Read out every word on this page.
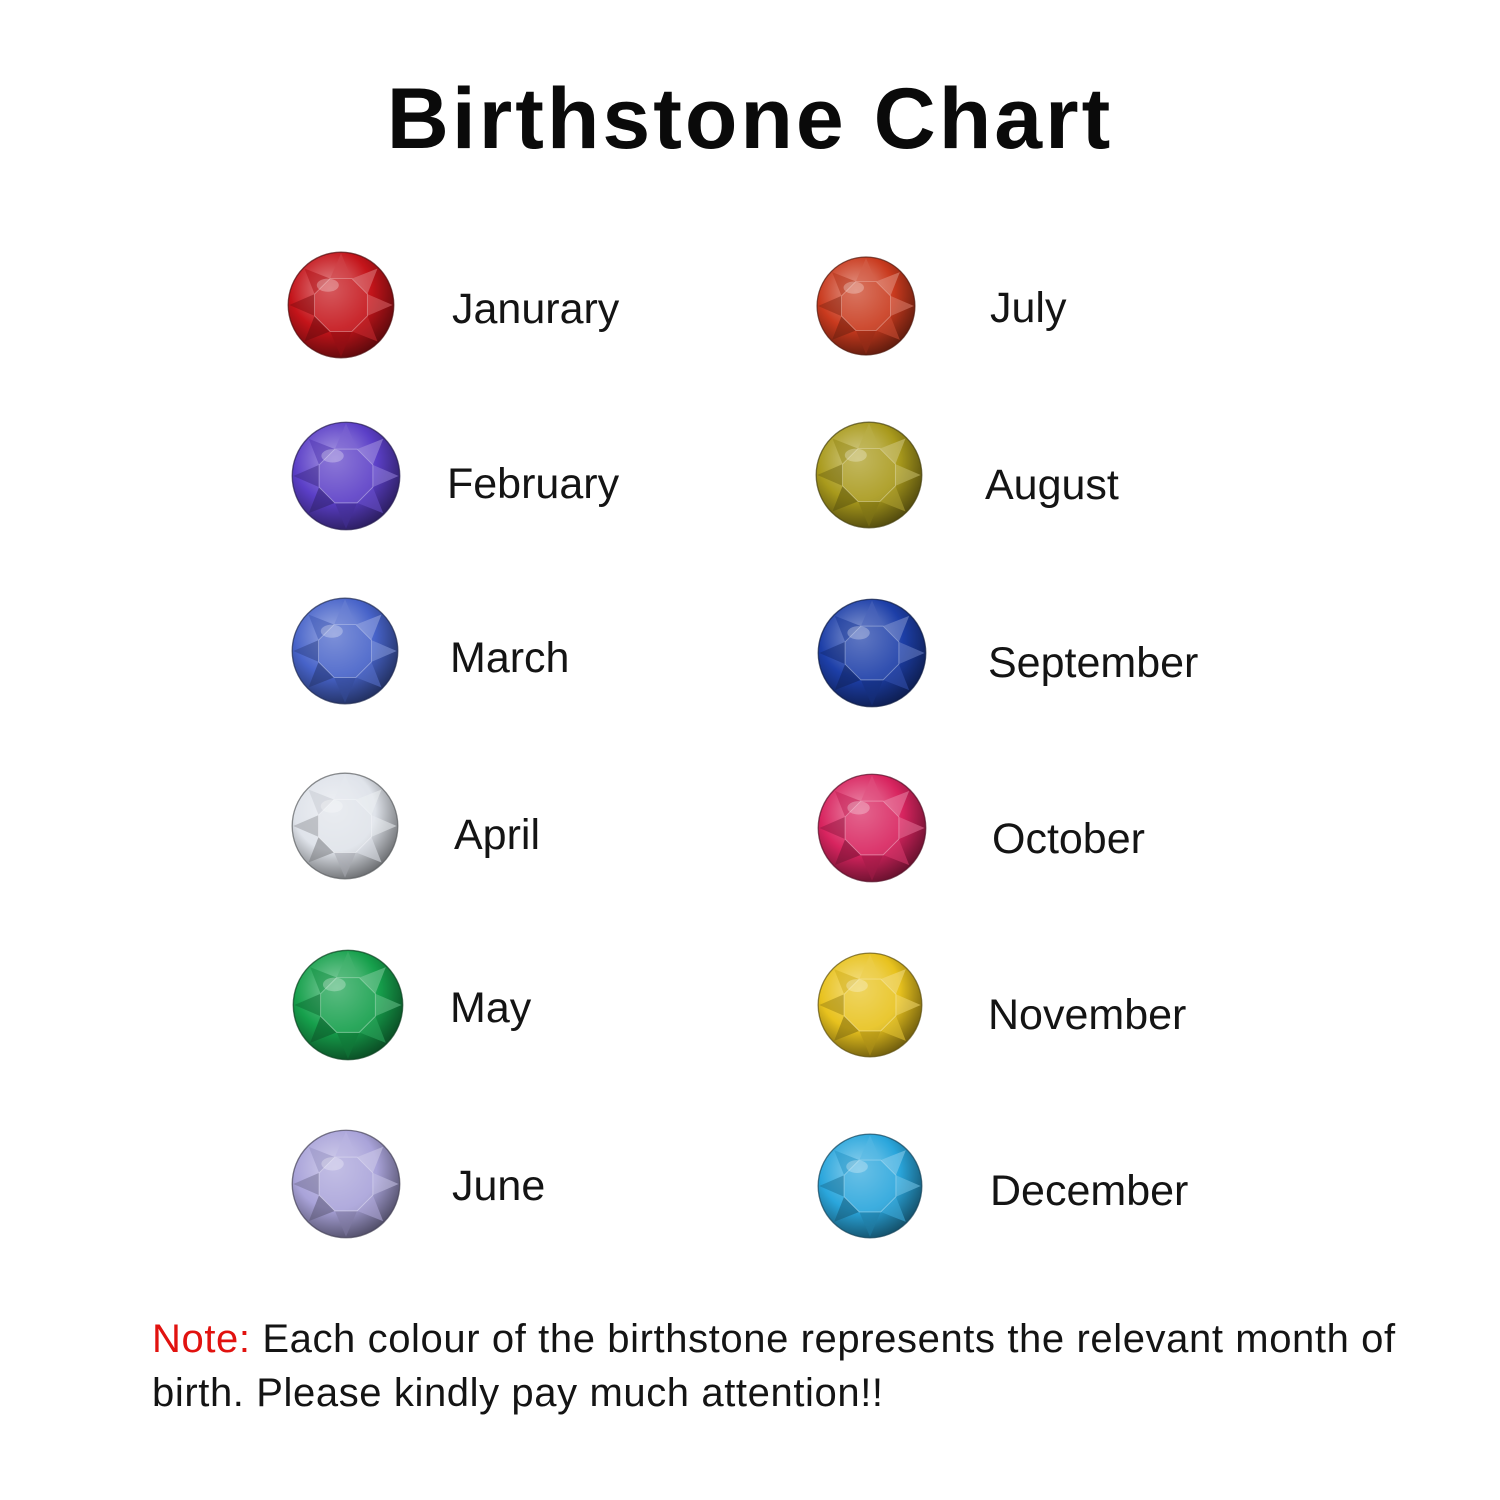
Birthstone Chart
Janurary
February
March
April
May
June
July
August
September
October
November
December
Note: Each colour of the birthstone represents the relevant month of birth. Please kindly pay much attention!!
